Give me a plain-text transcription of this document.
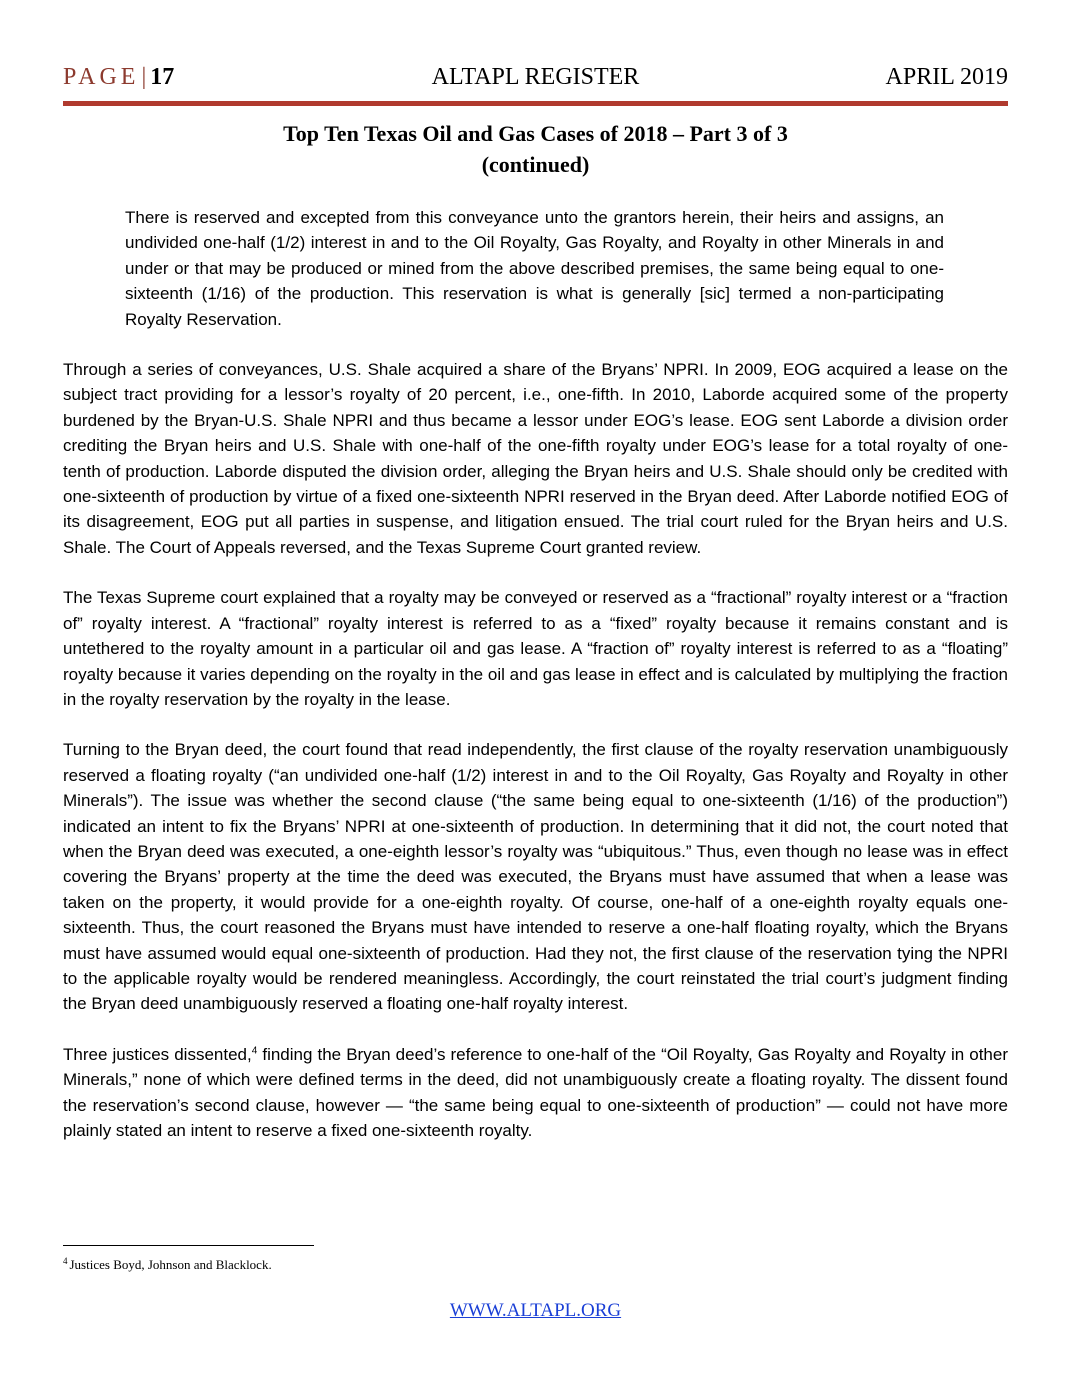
PAGE| 17	ALTAPL REGISTER	APRIL 2019
Top Ten Texas Oil and Gas Cases of 2018 – Part 3 of 3
(continued)

There is reserved and excepted from this conveyance unto the grantors herein, their heirs and assigns, an undivided one-half (1/2) interest in and to the Oil Royalty, Gas Royalty, and Royalty in other Minerals in and under or that may be produced or mined from the above described premises, the same being equal to one-sixteenth (1/16) of the production. This reservation is what is generally [sic] termed a non-participating Royalty Reservation.

Through a series of conveyances, U.S. Shale acquired a share of the Bryans’ NPRI. In 2009, EOG acquired a lease on the subject tract providing for a lessor’s royalty of 20 percent, i.e., one-fifth. In 2010, Laborde acquired some of the property burdened by the Bryan-U.S. Shale NPRI and thus became a lessor under EOG’s lease. EOG sent Laborde a division order crediting the Bryan heirs and U.S. Shale with one-half of the one-fifth royalty under EOG’s lease for a total royalty of one-tenth of production. Laborde disputed the division order, alleging the Bryan heirs and U.S. Shale should only be credited with one-sixteenth of production by virtue of a fixed one-sixteenth NPRI reserved in the Bryan deed. After Laborde notified EOG of its disagreement, EOG put all parties in suspense, and litigation ensued. The trial court ruled for the Bryan heirs and U.S. Shale. The Court of Appeals reversed, and the Texas Supreme Court granted review.

The Texas Supreme court explained that a royalty may be conveyed or reserved as a “fractional” royalty interest or a “fraction of” royalty interest. A “fractional” royalty interest is referred to as a “fixed” royalty because it remains constant and is untethered to the royalty amount in a particular oil and gas lease. A “fraction of” royalty interest is referred to as a “floating” royalty because it varies depending on the royalty in the oil and gas lease in effect and is calculated by multiplying the fraction in the royalty reservation by the royalty in the lease.

Turning to the Bryan deed, the court found that read independently, the first clause of the royalty reservation unambiguously reserved a floating royalty (“an undivided one-half (1/2) interest in and to the Oil Royalty, Gas Royalty and Royalty in other Minerals”). The issue was whether the second clause (“the same being equal to one-sixteenth (1/16) of the production”) indicated an intent to fix the Bryans’ NPRI at one-sixteenth of production. In determining that it did not, the court noted that when the Bryan deed was executed, a one-eighth lessor’s royalty was “ubiquitous.” Thus, even though no lease was in effect covering the Bryans’ property at the time the deed was executed, the Bryans must have assumed that when a lease was taken on the property, it would provide for a one-eighth royalty. Of course, one-half of a one-eighth royalty equals one-sixteenth. Thus, the court reasoned the Bryans must have intended to reserve a one-half floating royalty, which the Bryans must have assumed would equal one-sixteenth of production. Had they not, the first clause of the reservation tying the NPRI to the applicable royalty would be rendered meaningless. Accordingly, the court reinstated the trial court’s judgment finding the Bryan deed unambiguously reserved a floating one-half royalty interest.

Three justices dissented,$^4$ finding the Bryan deed’s reference to one-half of the “Oil Royalty, Gas Royalty and Royalty in other Minerals,” none of which were defined terms in the deed, did not unambiguously create a floating royalty. The dissent found the reservation’s second clause, however — “the same being equal to one-sixteenth of production” — could not have more plainly stated an intent to reserve a fixed one-sixteenth royalty.

$^4$ Justices Boyd, Johnson and Blacklock.
WWW.ALTAPL.ORG
